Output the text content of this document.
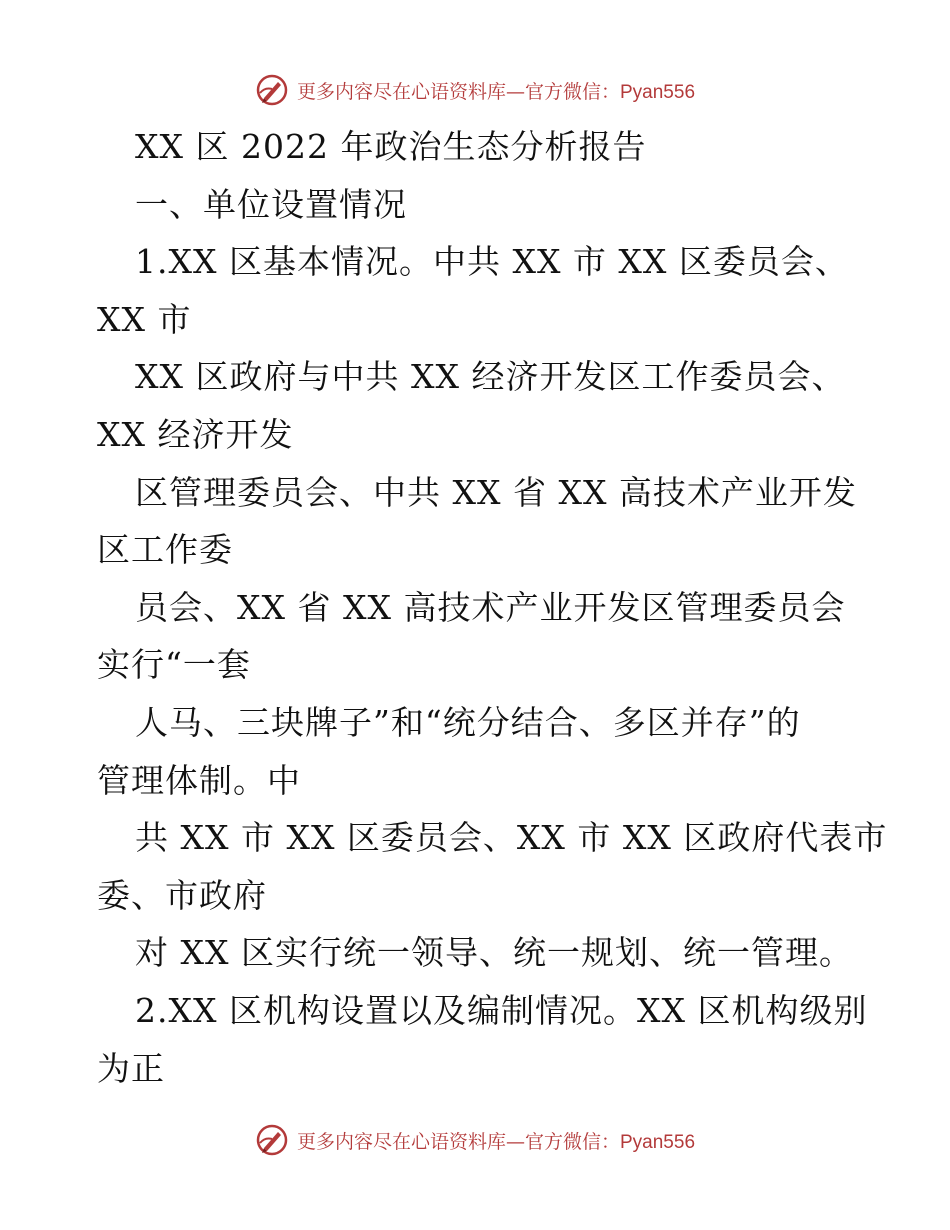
更多内容尽在心语资料库—官方微信：Pyan556
XX 区 2022 年政治生态分析报告
一、单位设置情况
1.XX 区基本情况。中共 XX 市 XX 区委员会、
XX 市
XX 区政府与中共 XX 经济开发区工作委员会、
XX 经济开发
区管理委员会、中共 XX 省 XX 高技术产业开发
区工作委
员会、XX 省 XX 高技术产业开发区管理委员会
实行“一套
人马、三块牌子”和“统分结合、多区并存”的
管理体制。中
共 XX 市 XX 区委员会、XX 市 XX 区政府代表市
委、市政府
对 XX 区实行统一领导、统一规划、统一管理。
2.XX 区机构设置以及编制情况。XX 区机构级别
为正
更多内容尽在心语资料库—官方微信：Pyan556
